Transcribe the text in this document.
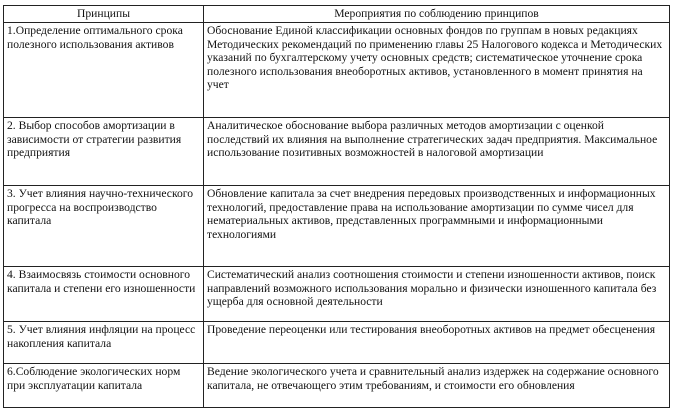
Принципы	Мероприятия по соблюдению принципов

1.Определение оптимального срока полезного использования активов	Обоснование Единой классификации основных фондов по группам в новых редакциях Методических рекомендаций по применению главы 25 Налогового кодекса и Методических указаний по бухгалтерскому учету основных средств; систематическое уточнение срока полезного использования внеоборотных активов, установленного в момент принятия на учет

2. Выбор способов амортизации в зависимости от стратегии развития предприятия	Аналитическое обоснование выбора различных методов амортизации с оценкой последствий их влияния на выполнение стратегических задач предприятия. Максимальное использование позитивных возможностей в налоговой амортизации

3. Учет влияния научно-технического прогресса на воспроизводство капитала	Обновление капитала за счет внедрения передовых производственных и информационных технологий, предоставление права на использование амортизации по сумме чисел для нематериальных активов, представленных программными и информационными технологиями

4. Взаимосвязь стоимости основного капитала и степени его изношенности	Систематический анализ соотношения стоимости и степени изношенности активов, поиск направлений возможного использования морально и физически изношенного капитала без ущерба для основной деятельности

5. Учет влияния инфляции на процесс накопления капитала	Проведение переоценки или тестирования внеоборотных активов на предмет обесценения

6.Соблюдение экологических норм при эксплуатации капитала	Ведение экологического учета и сравнительный анализ издержек на содержание основного капитала, не отвечающего этим требованиям, и стоимости его обновления
